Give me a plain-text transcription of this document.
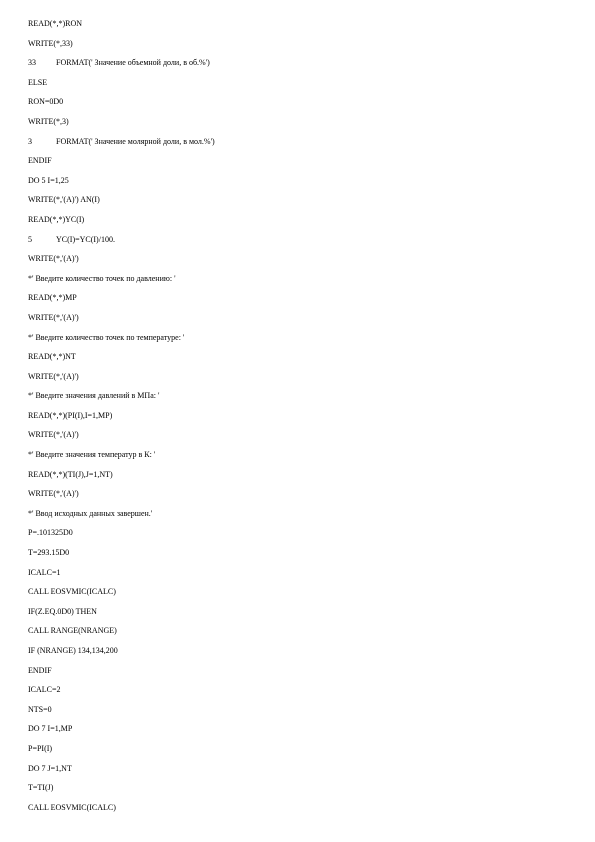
READ(*,*)RON
WRITE(*,33)
33	FORMAT(' Значение объемной доли, в об.%')
ELSE
RON=0D0
WRITE(*,3)
3	FORMAT(' Значение молярной доли, в мол.%')
ENDIF
DO 5 I=1,25
WRITE(*,'(A)') AN(I)
READ(*,*)YC(I)
5	YC(I)=YC(I)/100.
WRITE(*,'(A)')
*' Введите количество точек по давлению: '
READ(*,*)MP
WRITE(*,'(A)')
*' Введите количество точек по температуре: '
READ(*,*)NT
WRITE(*,'(A)')
*' Введите значения давлений в МПа: '
READ(*,*)(PI(I),I=1,MP)
WRITE(*,'(A)')
*' Введите значения температур в К: '
READ(*,*)(TI(J),J=1,NT)
WRITE(*,'(A)')
*' Ввод исходных данных завершен.'
P=.101325D0
T=293.15D0
ICALC=1
CALL EOSVMIC(ICALC)
IF(Z.EQ.0D0) THEN
CALL RANGE(NRANGE)
IF (NRANGE) 134,134,200
ENDIF
ICALC=2
NTS=0
DO 7 I=1,MP
P=PI(I)
DO 7 J=1,NT
T=TI(J)
CALL EOSVMIC(ICALC)
